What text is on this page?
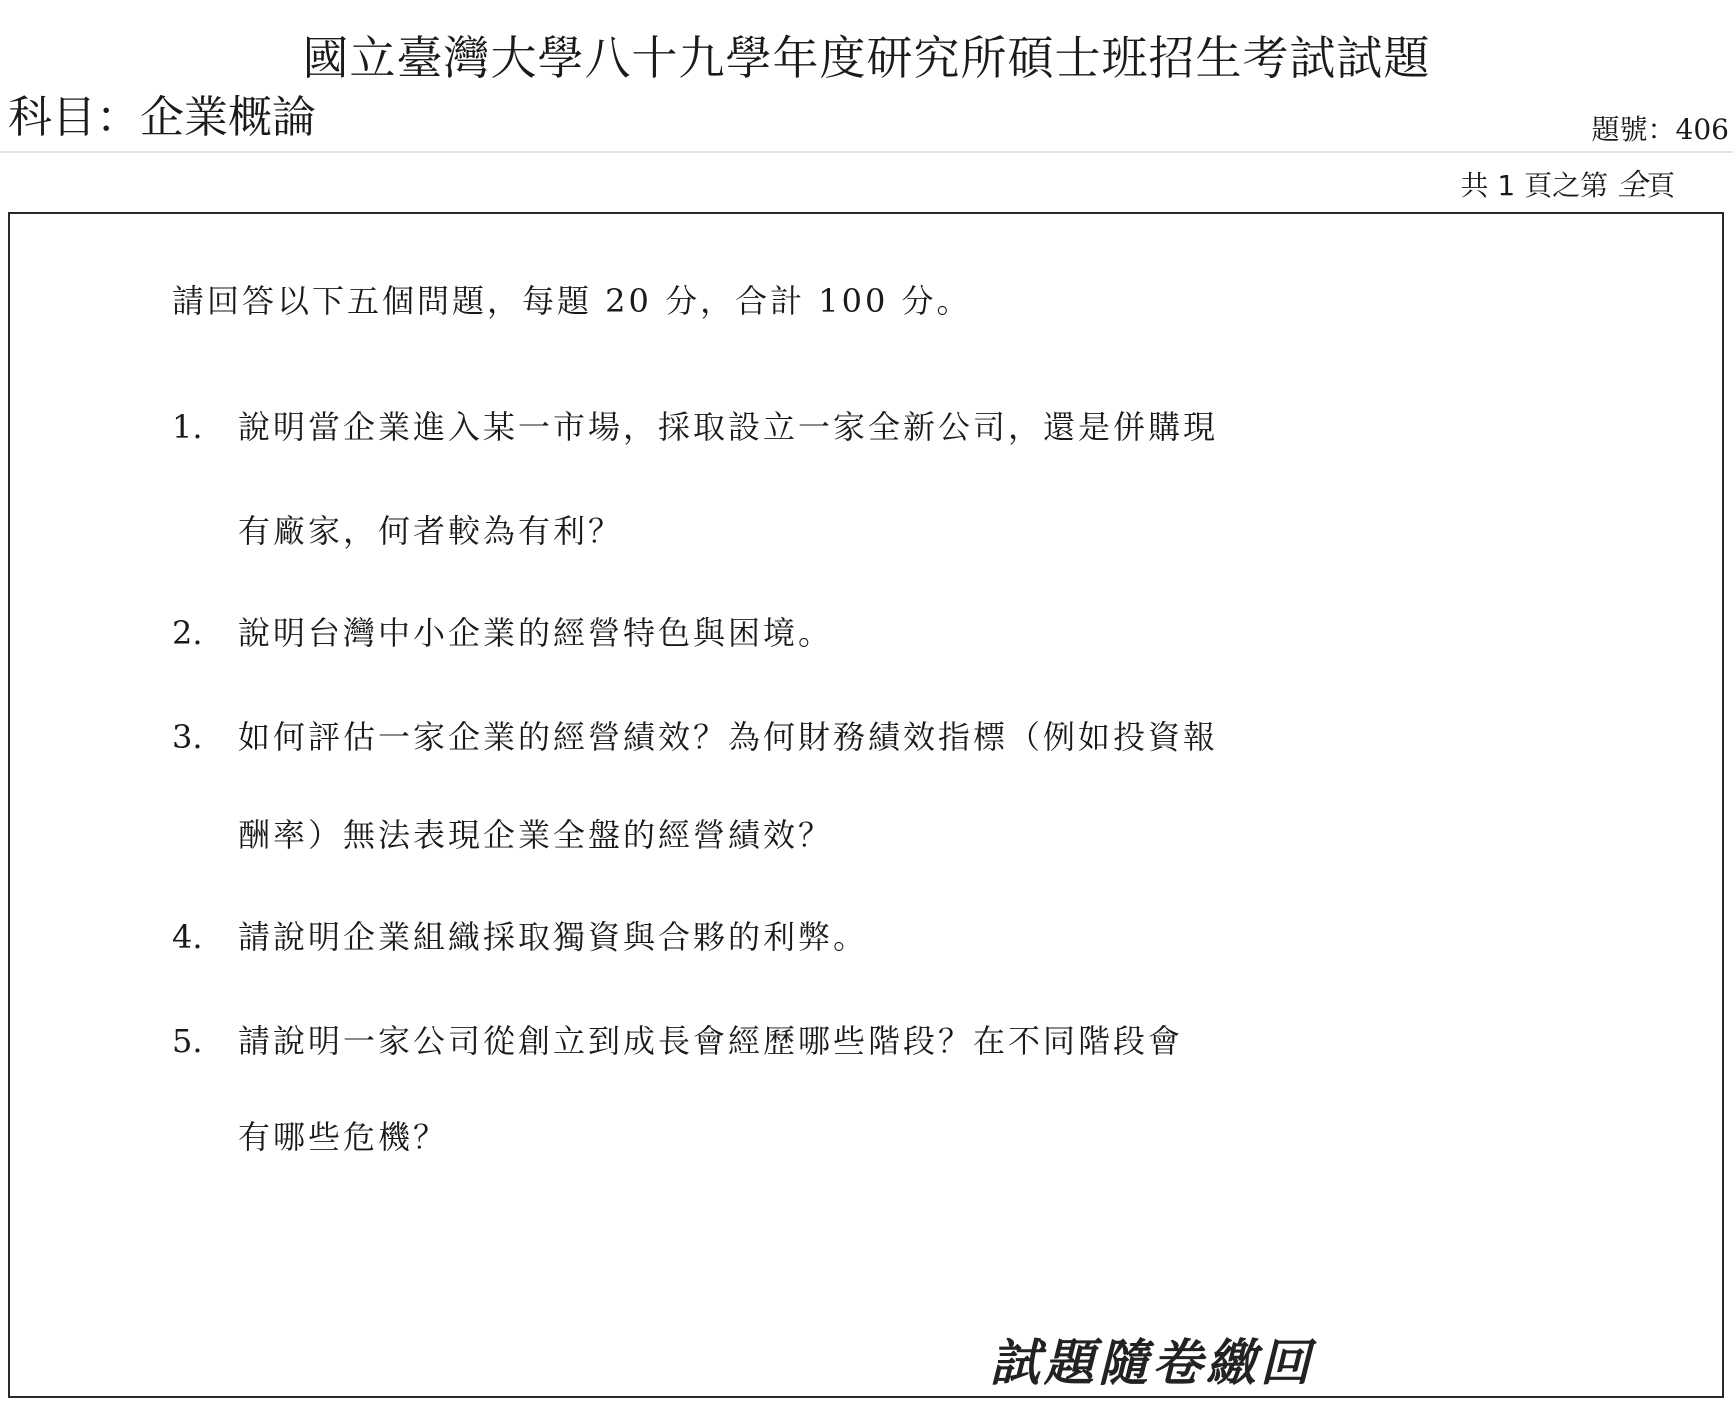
國立臺灣大學八十九學年度研究所碩士班招生考試試題
科目：企業概論	題號：406
共 1 頁之第 全頁
請回答以下五個問題，每題 20 分，合計 100 分。
1. 說明當企業進入某一市場，採取設立一家全新公司，還是併購現
有廠家，何者較為有利？
2. 說明台灣中小企業的經營特色與困境。
3. 如何評估一家企業的經營績效？為何財務績效指標（例如投資報
酬率）無法表現企業全盤的經營績效？
4. 請說明企業組織採取獨資與合夥的利弊。
5. 請說明一家公司從創立到成長會經歷哪些階段？在不同階段會
有哪些危機？
試題隨卷繳回
